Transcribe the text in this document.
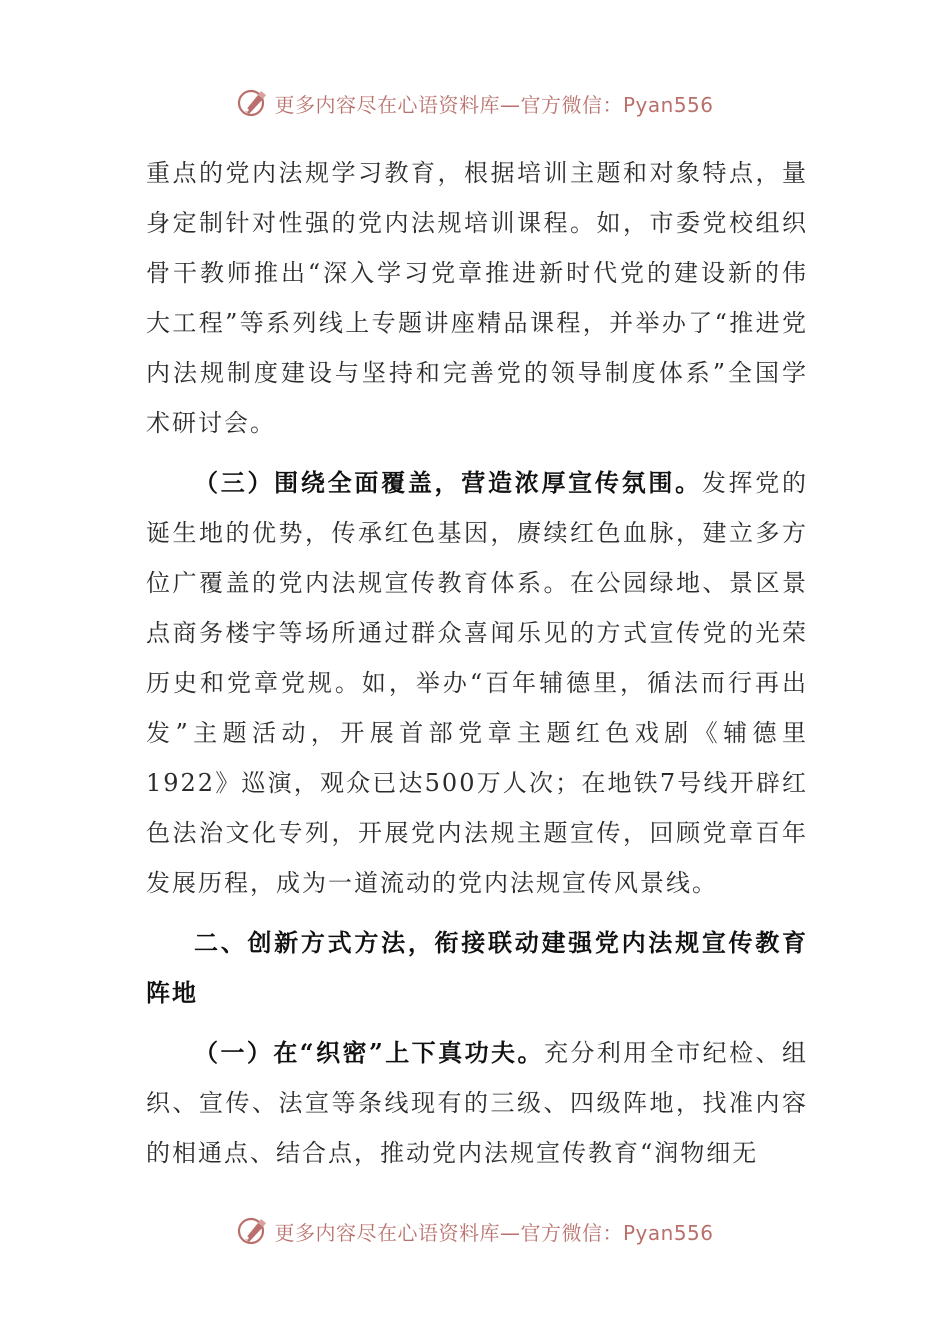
更多内容尽在心语资料库—官方微信：Pyan556

重点的党内法规学习教育，根据培训主题和对象特点，量身定制针对性强的党内法规培训课程。如，市委党校组织骨干教师推出“深入学习党章推进新时代党的建设新的伟大工程”等系列线上专题讲座精品课程，并举办了“推进党内法规制度建设与坚持和完善党的领导制度体系”全国学术研讨会。

（三）围绕全面覆盖，营造浓厚宣传氛围。发挥党的诞生地的优势，传承红色基因，赓续红色血脉，建立多方位广覆盖的党内法规宣传教育体系。在公园绿地、景区景点商务楼宇等场所通过群众喜闻乐见的方式宣传党的光荣历史和党章党规。如，举办“百年辅德里，循法而行再出发”主题活动，开展首部党章主题红色戏剧《辅德里1922》巡演，观众已达500万人次；在地铁7号线开辟红色法治文化专列，开展党内法规主题宣传，回顾党章百年发展历程，成为一道流动的党内法规宣传风景线。

二、创新方式方法，衔接联动建强党内法规宣传教育阵地

（一）在“织密”上下真功夫。充分利用全市纪检、组织、宣传、法宣等条线现有的三级、四级阵地，找准内容的相通点、结合点，推动党内法规宣传教育“润物细无

更多内容尽在心语资料库—官方微信：Pyan556
